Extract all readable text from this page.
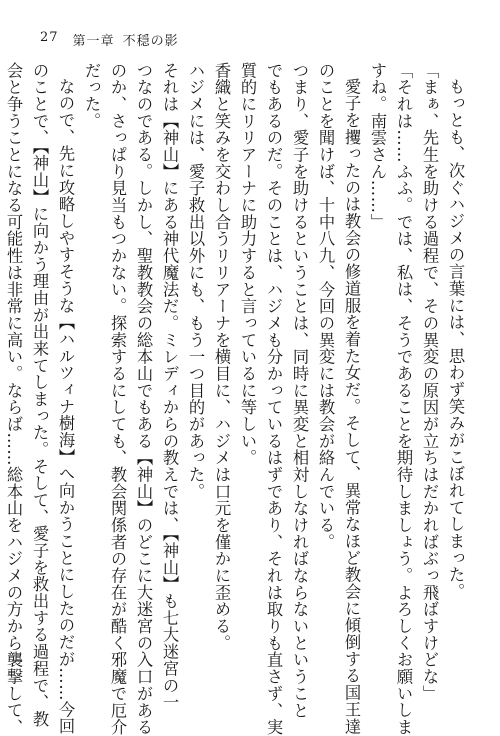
27 第一章 不穏の影

もっとも、次ぐハジメの言葉には、思わず笑みがこぼれてしまった。

「まぁ、先生を助ける過程で、その異変の原因が立ちはだかればぶっ飛ばすけどな」

「それは……ふふ。では、私は、そうであることを期待しましょう。よろしくお願いしま

すね。南雲さん……」

愛子を攫ったのは教会の修道服を着た女だ。そして、異常なほど教会に傾倒する国王達

のことを聞けば、十中八九、今回の異変には教会が絡んでいる。

つまり、愛子を助けるということは、同時に異変と相対しなければならないということ

でもあるのだ。そのことは、ハジメも分かっているはずであり、それは取りも直さず、実

質的にリリアーナに助力すると言っているに等しい。

香織と笑みを交わし合うリリアーナを横目に、ハジメは口元を僅かに歪める。

ハジメには、愛子救出以外にも、もう一つ目的があった。

それは【神山】にある神代魔法だ。ミレディからの教えでは、【神山】も七大迷宮の一

つなのである。しかし、聖教教会の総本山でもある【神山】のどこに大迷宮の入口がある

のか、さっぱり見当もつかない。探索するにしても、教会関係者の存在が酷く邪魔で厄介

だった。

なので、先に攻略しやすそうな【ハルツィナ樹海】へ向かうことにしたのだが……今回

のことで、【神山】に向かう理由が出来てしまった。そして、愛子を救出する過程で、教

会と争うことになる可能性は非常に高い。ならば……総本山をハジメの方から襲撃して、
